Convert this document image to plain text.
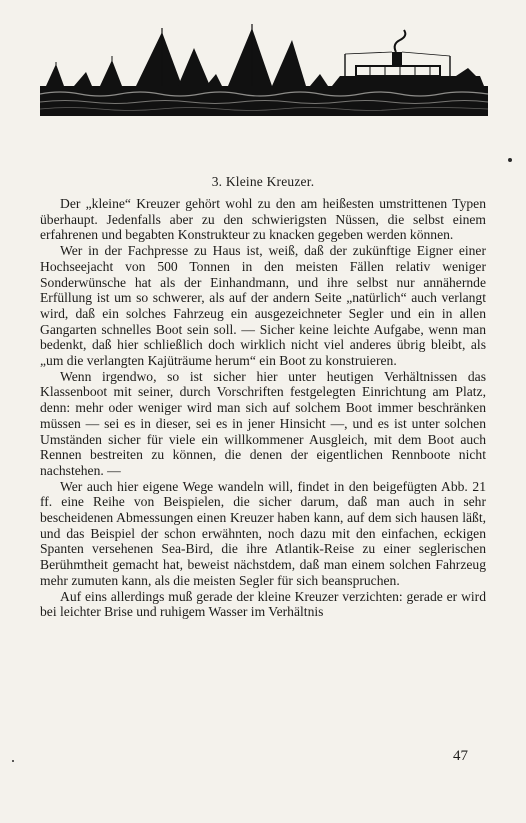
3. Kleine Kreuzer.

Der „kleine“ Kreuzer gehört wohl zu den am heißesten umstrittenen Typen überhaupt. Jedenfalls aber zu den schwierigsten Nüssen, die selbst einem erfahrenen und begabten Konstrukteur zu knacken gegeben werden können.

Wer in der Fachpresse zu Haus ist, weiß, daß der zukünftige Eigner einer Hochseejacht von 500 Tonnen in den meisten Fällen relativ weniger Sonderwünsche hat als der Einhandmann, und ihre selbst nur annähernde Erfüllung ist um so schwerer, als auf der andern Seite „natürlich“ auch verlangt wird, daß ein solches Fahrzeug ein ausgezeichneter Segler und ein in allen Gangarten schnelles Boot sein soll. — Sicher keine leichte Aufgabe, wenn man bedenkt, daß hier schließlich doch wirklich nicht viel anderes übrig bleibt, als „um die verlangten Kajüträume herum“ ein Boot zu konstruieren.

Wenn irgendwo, so ist sicher hier unter heutigen Verhältnissen das Klassenboot mit seiner, durch Vorschriften festgelegten Einrichtung am Platz, denn: mehr oder weniger wird man sich auf solchem Boot immer beschränken müssen — sei es in dieser, sei es in jener Hinsicht —, und es ist unter solchen Umständen sicher für viele ein willkommener Ausgleich, mit dem Boot auch Rennen bestreiten zu können, die denen der eigentlichen Rennboote nicht nachstehen. —

Wer auch hier eigene Wege wandeln will, findet in den beigefügten Abb. 21 ff. eine Reihe von Beispielen, die sicher darum, daß man auch in sehr bescheidenen Abmessungen einen Kreuzer haben kann, auf dem sich hausen läßt, und das Beispiel der schon erwähnten, noch dazu mit den einfachen, eckigen Spanten versehenen Sea-Bird, die ihre Atlantik-Reise zu einer seglerischen Berühmtheit gemacht hat, beweist nächstdem, daß man einem solchen Fahrzeug mehr zumuten kann, als die meisten Segler für sich beanspruchen.

Auf eins allerdings muß gerade der kleine Kreuzer verzichten: gerade er wird bei leichter Brise und ruhigem Wasser im Verhältnis

47
